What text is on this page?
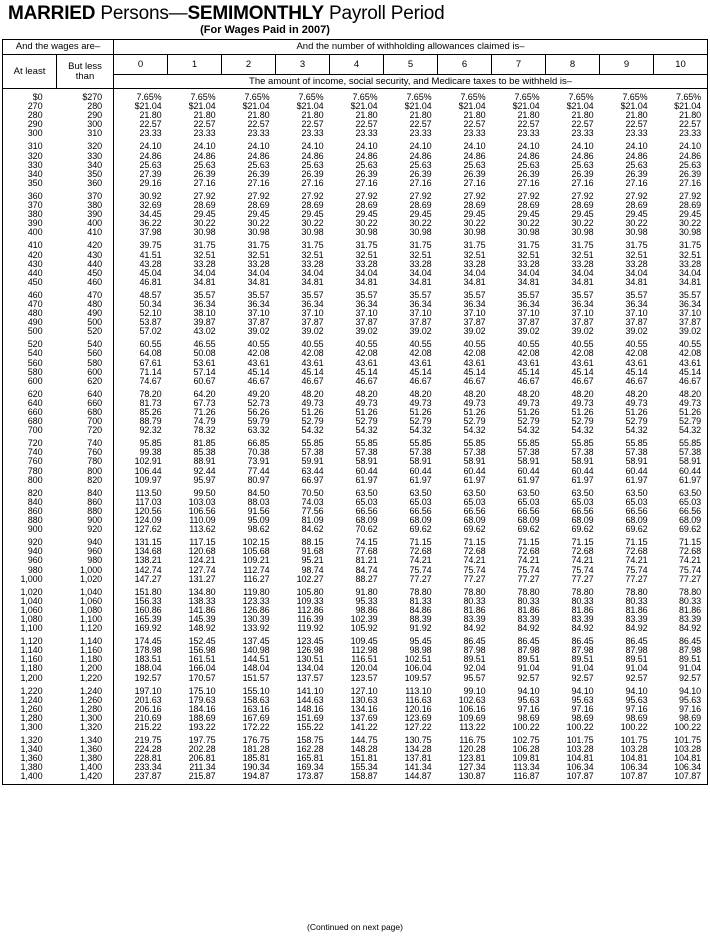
MARRIED Persons—SEMIMONTHLY Payroll Period
(For Wages Paid in 2007)
And the wages are–		And the number of withholding allowances claimed is–										
At least	But less than	0	1	2	3	4	5	6	7	8	9	10
		The amount of income, social security, and Medicare taxes to be withheld is–										

$0	$270	7.65%	7.65%	7.65%	7.65%	7.65%	7.65%	7.65%	7.65%	7.65%	7.65%	7.65%
270	280	$21.04	$21.04	$21.04	$21.04	$21.04	$21.04	$21.04	$21.04	$21.04	$21.04	$21.04
280	290	21.80	21.80	21.80	21.80	21.80	21.80	21.80	21.80	21.80	21.80	21.80
290	300	22.57	22.57	22.57	22.57	22.57	22.57	22.57	22.57	22.57	22.57	22.57
300	310	23.33	23.33	23.33	23.33	23.33	23.33	23.33	23.33	23.33	23.33	23.33

310	320	24.10	24.10	24.10	24.10	24.10	24.10	24.10	24.10	24.10	24.10	24.10
320	330	24.86	24.86	24.86	24.86	24.86	24.86	24.86	24.86	24.86	24.86	24.86
330	340	25.63	25.63	25.63	25.63	25.63	25.63	25.63	25.63	25.63	25.63	25.63
340	350	27.39	26.39	26.39	26.39	26.39	26.39	26.39	26.39	26.39	26.39	26.39
350	360	29.16	27.16	27.16	27.16	27.16	27.16	27.16	27.16	27.16	27.16	27.16

360	370	30.92	27.92	27.92	27.92	27.92	27.92	27.92	27.92	27.92	27.92	27.92
370	380	32.69	28.69	28.69	28.69	28.69	28.69	28.69	28.69	28.69	28.69	28.69
380	390	34.45	29.45	29.45	29.45	29.45	29.45	29.45	29.45	29.45	29.45	29.45
390	400	36.22	30.22	30.22	30.22	30.22	30.22	30.22	30.22	30.22	30.22	30.22
400	410	37.98	30.98	30.98	30.98	30.98	30.98	30.98	30.98	30.98	30.98	30.98

410	420	39.75	31.75	31.75	31.75	31.75	31.75	31.75	31.75	31.75	31.75	31.75
420	430	41.51	32.51	32.51	32.51	32.51	32.51	32.51	32.51	32.51	32.51	32.51
430	440	43.28	33.28	33.28	33.28	33.28	33.28	33.28	33.28	33.28	33.28	33.28
440	450	45.04	34.04	34.04	34.04	34.04	34.04	34.04	34.04	34.04	34.04	34.04
450	460	46.81	34.81	34.81	34.81	34.81	34.81	34.81	34.81	34.81	34.81	34.81

460	470	48.57	35.57	35.57	35.57	35.57	35.57	35.57	35.57	35.57	35.57	35.57
470	480	50.34	36.34	36.34	36.34	36.34	36.34	36.34	36.34	36.34	36.34	36.34
480	490	52.10	38.10	37.10	37.10	37.10	37.10	37.10	37.10	37.10	37.10	37.10
490	500	53.87	39.87	37.87	37.87	37.87	37.87	37.87	37.87	37.87	37.87	37.87
500	520	57.02	43.02	39.02	39.02	39.02	39.02	39.02	39.02	39.02	39.02	39.02

520	540	60.55	46.55	40.55	40.55	40.55	40.55	40.55	40.55	40.55	40.55	40.55
540	560	64.08	50.08	42.08	42.08	42.08	42.08	42.08	42.08	42.08	42.08	42.08
560	580	67.61	53.61	43.61	43.61	43.61	43.61	43.61	43.61	43.61	43.61	43.61
580	600	71.14	57.14	45.14	45.14	45.14	45.14	45.14	45.14	45.14	45.14	45.14
600	620	74.67	60.67	46.67	46.67	46.67	46.67	46.67	46.67	46.67	46.67	46.67

620	640	78.20	64.20	49.20	48.20	48.20	48.20	48.20	48.20	48.20	48.20	48.20
640	660	81.73	67.73	52.73	49.73	49.73	49.73	49.73	49.73	49.73	49.73	49.73
660	680	85.26	71.26	56.26	51.26	51.26	51.26	51.26	51.26	51.26	51.26	51.26
680	700	88.79	74.79	59.79	52.79	52.79	52.79	52.79	52.79	52.79	52.79	52.79
700	720	92.32	78.32	63.32	54.32	54.32	54.32	54.32	54.32	54.32	54.32	54.32

720	740	95.85	81.85	66.85	55.85	55.85	55.85	55.85	55.85	55.85	55.85	55.85
740	760	99.38	85.38	70.38	57.38	57.38	57.38	57.38	57.38	57.38	57.38	57.38
760	780	102.91	88.91	73.91	59.91	58.91	58.91	58.91	58.91	58.91	58.91	58.91
780	800	106.44	92.44	77.44	63.44	60.44	60.44	60.44	60.44	60.44	60.44	60.44
800	820	109.97	95.97	80.97	66.97	61.97	61.97	61.97	61.97	61.97	61.97	61.97

820	840	113.50	99.50	84.50	70.50	63.50	63.50	63.50	63.50	63.50	63.50	63.50
840	860	117.03	103.03	88.03	74.03	65.03	65.03	65.03	65.03	65.03	65.03	65.03
860	880	120.56	106.56	91.56	77.56	66.56	66.56	66.56	66.56	66.56	66.56	66.56
880	900	124.09	110.09	95.09	81.09	68.09	68.09	68.09	68.09	68.09	68.09	68.09
900	920	127.62	113.62	98.62	84.62	70.62	69.62	69.62	69.62	69.62	69.62	69.62

920	940	131.15	117.15	102.15	88.15	74.15	71.15	71.15	71.15	71.15	71.15	71.15
940	960	134.68	120.68	105.68	91.68	77.68	72.68	72.68	72.68	72.68	72.68	72.68
960	980	138.21	124.21	109.21	95.21	81.21	74.21	74.21	74.21	74.21	74.21	74.21
980	1,000	142.74	127.74	112.74	98.74	84.74	75.74	75.74	75.74	75.74	75.74	75.74
1,000	1,020	147.27	131.27	116.27	102.27	88.27	77.27	77.27	77.27	77.27	77.27	77.27

1,020	1,040	151.80	134.80	119.80	105.80	91.80	78.80	78.80	78.80	78.80	78.80	78.80
1,040	1,060	156.33	138.33	123.33	109.33	95.33	81.33	80.33	80.33	80.33	80.33	80.33
1,060	1,080	160.86	141.86	126.86	112.86	98.86	84.86	81.86	81.86	81.86	81.86	81.86
1,080	1,100	165.39	145.39	130.39	116.39	102.39	88.39	83.39	83.39	83.39	83.39	83.39
1,100	1,120	169.92	148.92	133.92	119.92	105.92	91.92	84.92	84.92	84.92	84.92	84.92

1,120	1,140	174.45	152.45	137.45	123.45	109.45	95.45	86.45	86.45	86.45	86.45	86.45
1,140	1,160	178.98	156.98	140.98	126.98	112.98	98.98	87.98	87.98	87.98	87.98	87.98
1,160	1,180	183.51	161.51	144.51	130.51	116.51	102.51	89.51	89.51	89.51	89.51	89.51
1,180	1,200	188.04	166.04	148.04	134.04	120.04	106.04	92.04	91.04	91.04	91.04	91.04
1,200	1,220	192.57	170.57	151.57	137.57	123.57	109.57	95.57	92.57	92.57	92.57	92.57

1,220	1,240	197.10	175.10	155.10	141.10	127.10	113.10	99.10	94.10	94.10	94.10	94.10
1,240	1,260	201.63	179.63	158.63	144.63	130.63	116.63	102.63	95.63	95.63	95.63	95.63
1,260	1,280	206.16	184.16	163.16	148.16	134.16	120.16	106.16	97.16	97.16	97.16	97.16
1,280	1,300	210.69	188.69	167.69	151.69	137.69	123.69	109.69	98.69	98.69	98.69	98.69
1,300	1,320	215.22	193.22	172.22	155.22	141.22	127.22	113.22	100.22	100.22	100.22	100.22

1,320	1,340	219.75	197.75	176.75	158.75	144.75	130.75	116.75	102.75	101.75	101.75	101.75
1,340	1,360	224.28	202.28	181.28	162.28	148.28	134.28	120.28	106.28	103.28	103.28	103.28
1,360	1,380	228.81	206.81	185.81	165.81	151.81	137.81	123.81	109.81	104.81	104.81	104.81
1,380	1,400	233.34	211.34	190.34	169.34	155.34	141.34	127.34	113.34	106.34	106.34	106.34
1,400	1,420	237.87	215.87	194.87	173.87	158.87	144.87	130.87	116.87	107.87	107.87	107.87

(Continued on next page)
